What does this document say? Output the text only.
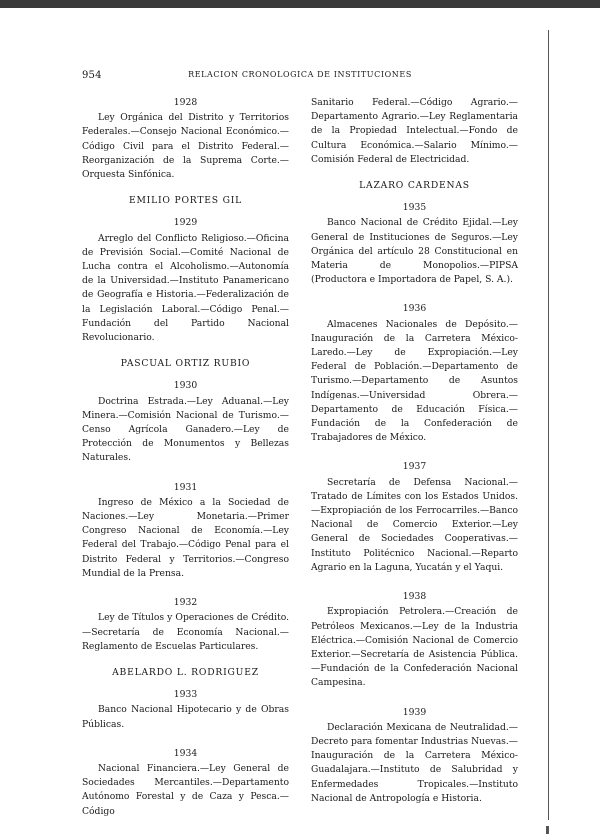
954	RELACION CRONOLOGICA DE INSTITUCIONES
1928

Ley Orgánica del Distrito y Territorios Federales.—Consejo Nacional Económico.—Código Civil para el Distrito Federal.—Reorganización de la Suprema Corte.—Orquesta Sinfónica.

EMILIO PORTES GIL
1929

Arreglo del Conflicto Religioso.—Oficina de Previsión Social.—Comité Nacional de Lucha contra el Alcoholismo.—Autonomía de la Universidad.—Instituto Panamericano de Geografía e Historia.—Federalización de la Legislación Laboral.—Código Penal.—Fundación del Partido Nacional Revolucionario.

PASCUAL ORTIZ RUBIO
1930

Doctrina Estrada.—Ley Aduanal.—Ley Minera.—Comisión Nacional de Turismo.—Censo Agrícola Ganadero.—Ley de Protección de Monumentos y Bellezas Naturales.

1931

Ingreso de México a la Sociedad de Naciones.—Ley Monetaria.—Primer Congreso Nacional de Economía.—Ley Federal del Trabajo.—Código Penal para el Distrito Federal y Territorios.—Congreso Mundial de la Prensa.

1932

Ley de Títulos y Operaciones de Crédito.—Secretaría de Economía Nacional.—Reglamento de Escuelas Particulares.

ABELARDO L. RODRIGUEZ
1933

Banco Nacional Hipotecario y de Obras Públicas.

1934

Nacional Financiera.—Ley General de Sociedades Mercantiles.—Departamento Autónomo Forestal y de Caza y Pesca.—Código

Sanitario Federal.—Código Agrario.—Departamento Agrario.—Ley Reglamentaria de la Propiedad Intelectual.—Fondo de Cultura Económica.—Salario Mínimo.—Comisión Federal de Electricidad.

LAZARO CARDENAS
1935

Banco Nacional de Crédito Ejidal.—Ley General de Instituciones de Seguros.—Ley Orgánica del artículo 28 Constitucional en Materia de Monopolios.—PIPSA (Productora e Importadora de Papel, S. A.).

1936

Almacenes Nacionales de Depósito.—Inauguración de la Carretera México-Laredo.—Ley de Expropiación.—Ley Federal de Población.—Departamento de Turismo.—Departamento de Asuntos Indígenas.—Universidad Obrera.—Departamento de Educación Física.—Fundación de la Confederación de Trabajadores de México.

1937

Secretaría de Defensa Nacional.—Tratado de Límites con los Estados Unidos.—Expropiación de los Ferrocarriles.—Banco Nacional de Comercio Exterior.—Ley General de Sociedades Cooperativas.—Instituto Politécnico Nacional.—Reparto Agrario en la Laguna, Yucatán y el Yaqui.

1938

Expropiación Petrolera.—Creación de Petróleos Mexicanos.—Ley de la Industria Eléctrica.—Comisión Nacional de Comercio Exterior.—Secretaría de Asistencia Pública.—Fundación de la Confederación Nacional Campesina.

1939

Declaración Mexicana de Neutralidad.—Decreto para fomentar Industrias Nuevas.—Inauguración de la Carretera México-Guadalajara.—Instituto de Salubridad y Enfermedades Tropicales.—Instituto Nacional de Antropología e Historia.
